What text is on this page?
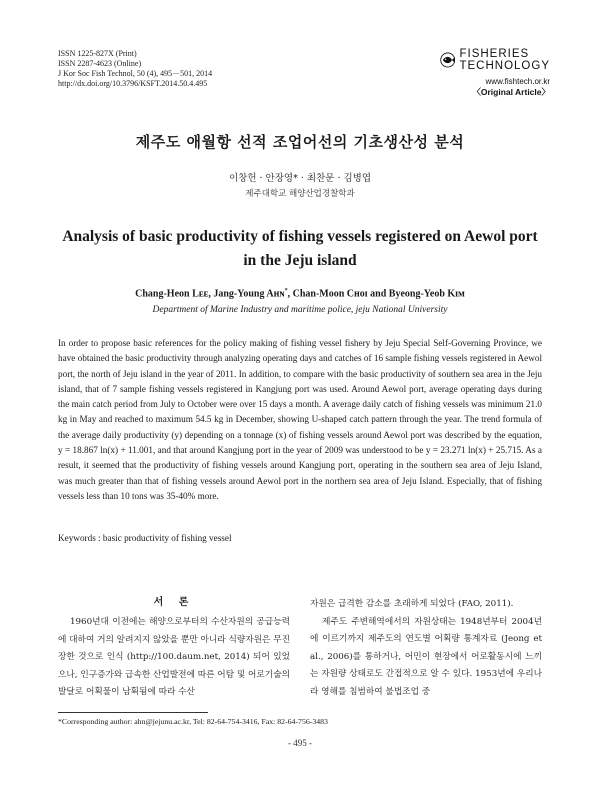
ISSN 1225-827X (Print)
ISSN 2287-4623 (Online)
J Kor Soc Fish Technol, 50 (4), 495－501, 2014
http://dx.doi.org/10.3796/KSFT.2014.50.4.495
FISHERIES
TECHNOLOGY
www.fishtech.or.kr
〈Original Article〉
제주도 애월항 선적 조업어선의 기초생산성 분석
이창헌 · 안장영* · 최찬문 · 김병엽
제주대학교 해양산업경찰학과
Analysis of basic productivity of fishing vessels registered on Aewol port in the Jeju island
Chang-Heon Lᴇᴇ, Jang-Young Aʜɴ*, Chan-Moon Cʜᴏɪ and Byeong-Yeob Kɪᴍ
Department of Marine Industry and maritime police, jeju National University

In order to propose basic references for the policy making of fishing vessel fishery by Jeju Special Self-Governing Province, we have obtained the basic productivity through analyzing operating days and catches of 16 sample fishing vessels registered in Aewol port, the north of Jeju island in the year of 2011. In addition, to compare with the basic productivity of southern sea area in the Jeju island, that of 7 sample fishing vessels registered in Kangjung port was used. Around Aewol port, average operating days during the main catch period from July to October were over 15 days a month. A average daily catch of fishing vessels was minimum 21.0 kg in May and reached to maximum 54.5 kg in December, showing U-shaped catch pattern through the year. The trend formula of the average daily productivity (y) depending on a tonnage (x) of fishing vessels around Aewol port was described by the equation, y = 18.867 ln(x) + 11.001, and that around Kangjung port in the year of 2009 was understood to be y = 23.271 ln(x) + 25.715. As a result, it seemed that the productivity of fishing vessels around Kangjung port, operating in the southern sea area of Jeju Island, was much greater than that of fishing vessels around Aewol port in the northern sea area of Jeju Island. Especially, that of fishing vessels less than 10 tons was 35-40% more.

Keywords : basic productivity of fishing vessel
서 론

1960년대 이전에는 해양으로부터의 수산자원의 공급능력에 대하여 거의 알려지지 않았을 뿐만 아니라 식량자원은 무진장한 것으로 인식 (http://100.daum.net, 2014) 되어 있었으나, 인구증가와 급속한 산업발전에 따른 어탐 및 어로기술의 발달로 어획물이 남획됨에 따라 수산

자원은 급격한 감소를 초래하게 되었다 (FAO, 2011).

제주도 주변해역에서의 자원상태는 1948년부터 2004년에 이르기까지 제주도의 연도별 어획량 통계자료 (Jeong et al., 2006)를 통하거나, 어민이 현장에서 어로활동시에 느끼는 자원량 상태로도 간접적으로 알 수 있다. 1953년에 우리나라 영해를 침범하여 불법조업 중

*Corresponding author: ahn@jejunu.ac.kr, Tel: 82-64-754-3416, Fax: 82-64-756-3483
- 495 -
